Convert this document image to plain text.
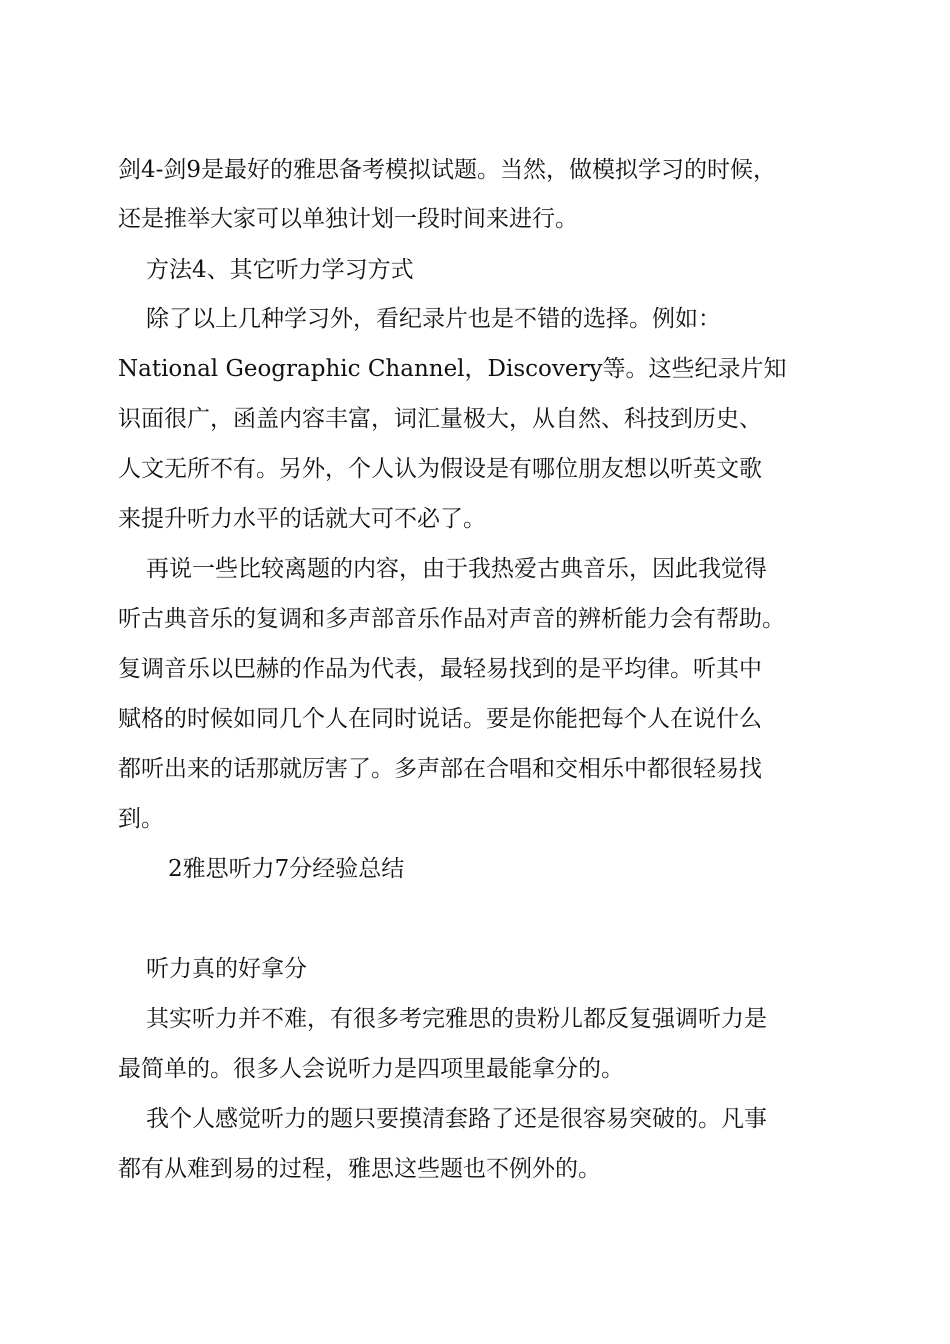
剑4-剑9是最好的雅思备考模拟试题。当然，做模拟学习的时候，
还是推举大家可以单独计划一段时间来进行。
方法4、其它听力学习方式
除了以上几种学习外，看纪录片也是不错的选择。例如：
National Geographic Channel，Discovery等。这些纪录片知
识面很广，函盖内容丰富，词汇量极大，从自然、科技到历史、
人文无所不有。另外，个人认为假设是有哪位朋友想以听英文歌
来提升听力水平的话就大可不必了。
再说一些比较离题的内容，由于我热爱古典音乐，因此我觉得
听古典音乐的复调和多声部音乐作品对声音的辨析能力会有帮助。
复调音乐以巴赫的作品为代表，最轻易找到的是平均律。听其中
赋格的时候如同几个人在同时说话。要是你能把每个人在说什么
都听出来的话那就厉害了。多声部在合唱和交相乐中都很轻易找
到。
2雅思听力7分经验总结
听力真的好拿分
其实听力并不难，有很多考完雅思的贵粉儿都反复强调听力是
最简单的。很多人会说听力是四项里最能拿分的。
我个人感觉听力的题只要摸清套路了还是很容易突破的。凡事
都有从难到易的过程，雅思这些题也不例外的。
